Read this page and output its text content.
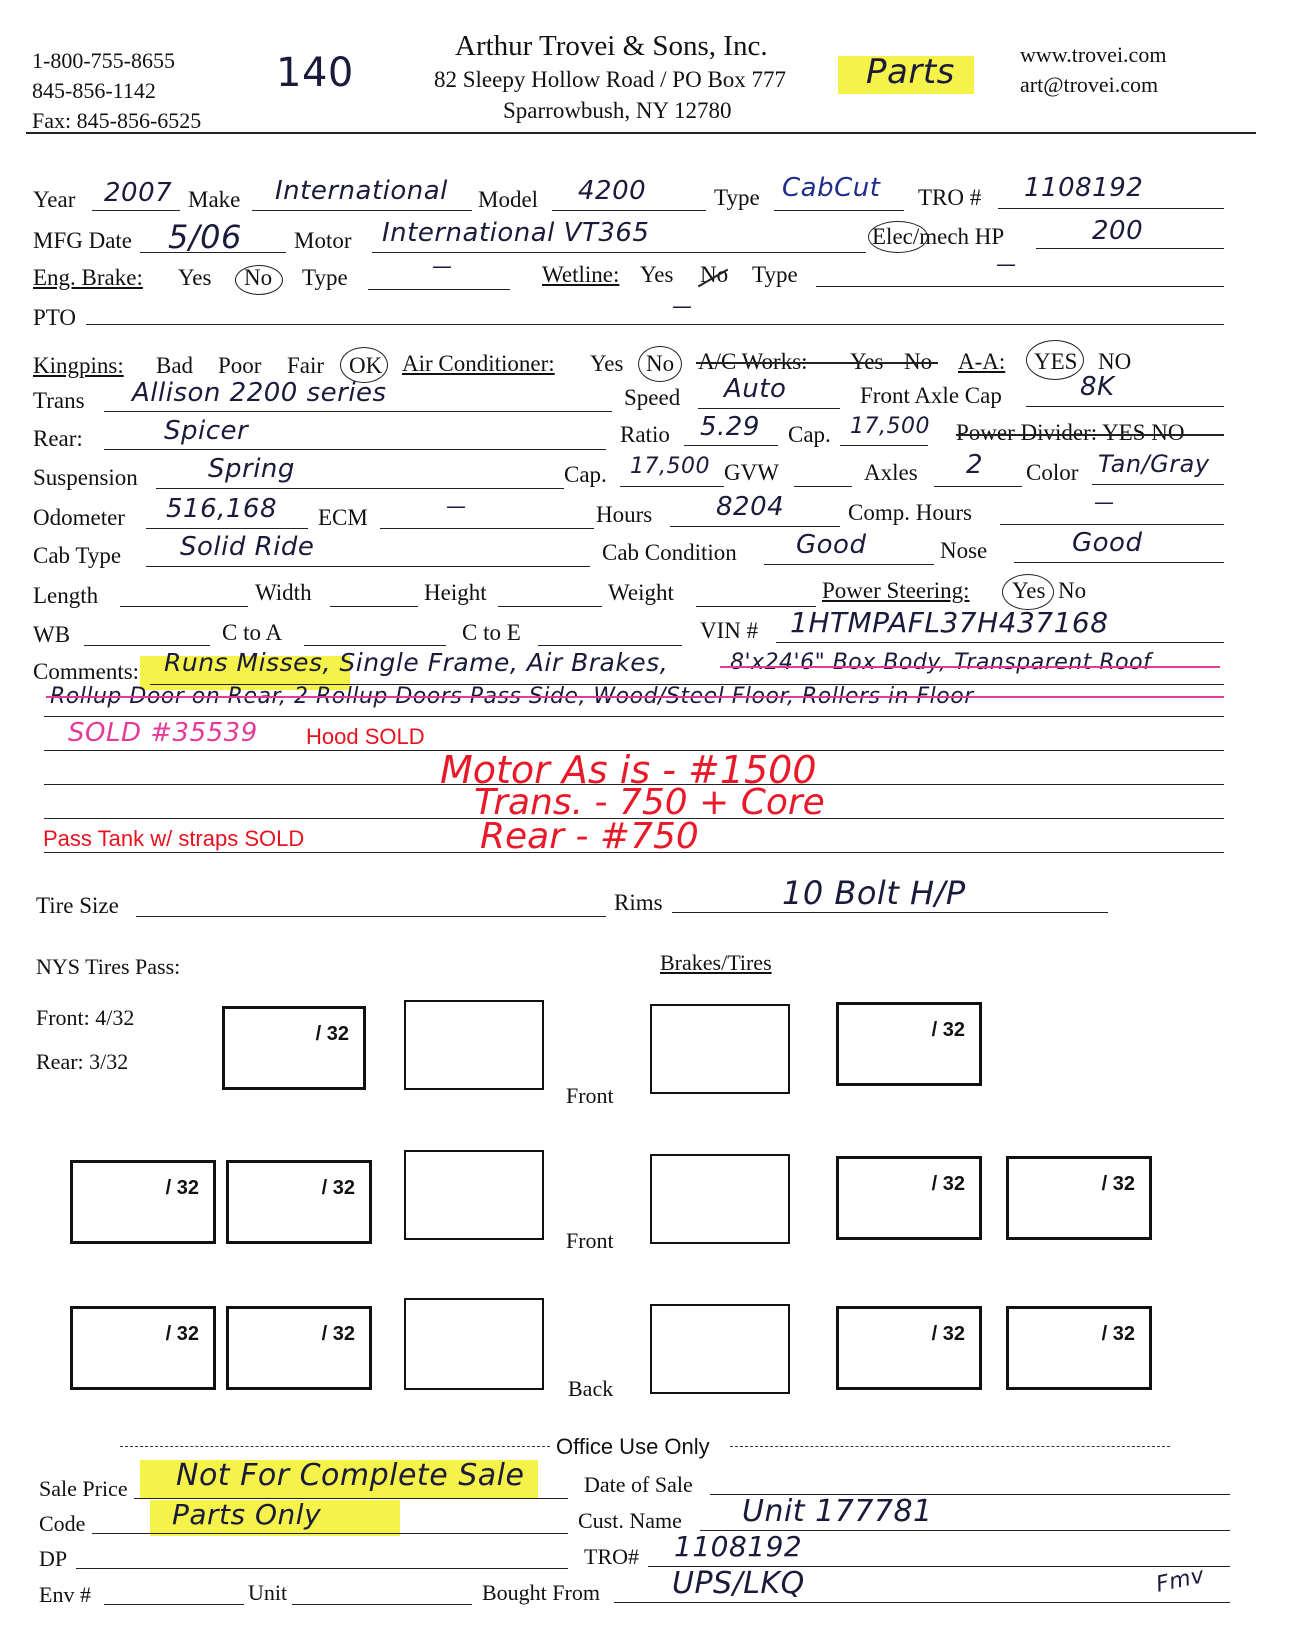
1-800-755-8655
845-856-1142
Fax: 845-856-6525
140
Arthur Trovei & Sons, Inc.
82 Sleepy Hollow Road / PO Box 777
Sparrowbush, NY 12780
Parts	www.trovei.com
art@trovei.com
Year 2007 Make International Model 4200	Type CabCut TRO # 1108192
MFG Date 5/06 Motor International VT365	Elec/mech HP	200
Eng. Brake: Yes No Type	—	Wetline: Yes No Type	—
PTO	—
Kingpins: Bad Poor Fair OK Air Conditioner: Yes No A/C Works: Yes No A-A: YES NO
Trans Allison 2200 series	Speed Auto	Front Axle Cap	8K
Rear:	Spicer	Ratio 5.29 Cap. 17,500 Power Divider: YES NO
Suspension	Spring	Cap. 17,500 GVW	Axles 2 Color Tan/Gray
Odometer 516,168 ECM	—	Hours 8204	Comp. Hours	—
Cab Type Solid Ride	Cab Condition Good	Nose	Good
Length	Width	Height	Weight	Power Steering: Yes No
WB	C to A	C to E	VIN # 1HTMPAFL37H437168
Comments: Runs Misses, Single Frame, Air Brakes,	8'x24'6" Box Body, Transparent Roof
Rollup Door on Rear, 2 Rollup Doors Pass Side, Wood/Steel Floor, Rollers in Floor
SOLD #35539 Hood SOLD
Motor As is - #1500
Trans. - 750 + Core
Pass Tank w/ straps SOLD	Rear - #750
Tire Size	Rims	10 Bolt H/P
NYS Tires Pass:	Brakes/Tires
Front: 4/32
Rear: 3/32
/ 32
Front
/ 32
/ 32	/ 32
Front
/ 32	/ 32
/ 32	/ 32
Back
/ 32	/ 32
Office Use Only
Sale Price Not For Complete Sale	Date of Sale
Code	Parts Only	Cust. Name Unit 177781
DP	TRO# 1108192
Env #	Unit	Bought From UPS/LKQ	Fmv
